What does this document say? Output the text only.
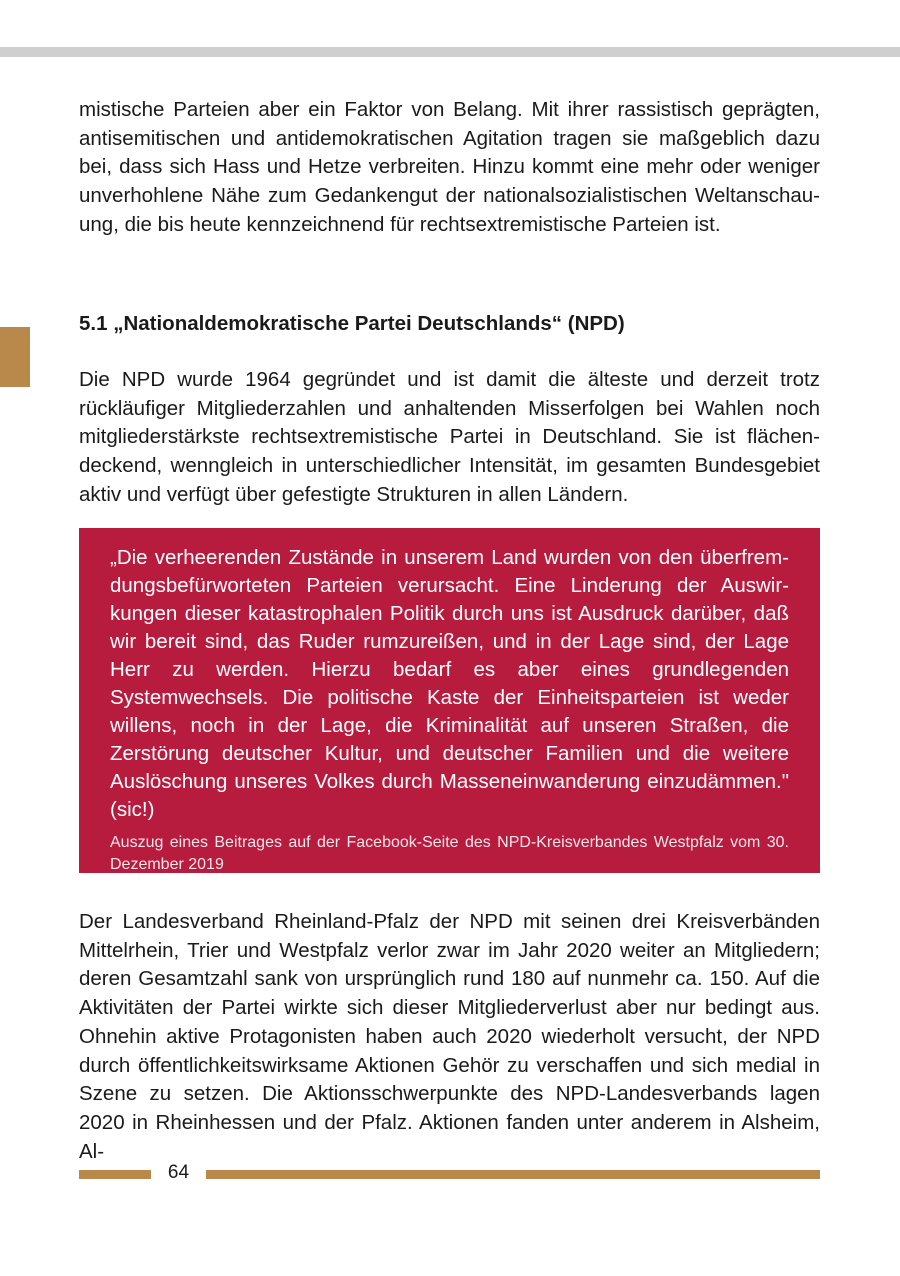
mistische Parteien aber ein Faktor von Belang. Mit ihrer rassistisch geprägten, antisemitischen und antidemokratischen Agitation tragen sie maßgeblich dazu bei, dass sich Hass und Hetze verbreiten. Hinzu kommt eine mehr oder weniger unverhohlene Nähe zum Gedankengut der nationalsozialistischen Weltanschauung, die bis heute kennzeichnend für rechtsextremistische Parteien ist.

5.1 „Nationaldemokratische Partei Deutschlands“ (NPD)

Die NPD wurde 1964 gegründet und ist damit die älteste und derzeit trotz rückläufiger Mitgliederzahlen und anhaltenden Misserfolgen bei Wahlen noch mitgliederstärkste rechtsextremistische Partei in Deutschland. Sie ist flächendeckend, wenngleich in unterschiedlicher Intensität, im gesamten Bundesgebiet aktiv und verfügt über gefestigte Strukturen in allen Ländern.

„Die verheerenden Zustände in unserem Land wurden von den überfremdungsbefürworteten Parteien verursacht. Eine Linderung der Auswirkungen dieser katastrophalen Politik durch uns ist Ausdruck darüber, daß wir bereit sind, das Ruder rumzureißen, und in der Lage sind, der Lage Herr zu werden. Hierzu bedarf es aber eines grundlegenden Systemwechsels. Die politische Kaste der Einheitsparteien ist weder willens, noch in der Lage, die Kriminalität auf unseren Straßen, die Zerstörung deutscher Kultur, und deutscher Familien und die weitere Auslöschung unseres Volkes durch Masseneinwanderung einzudämmen." (sic!)

Auszug eines Beitrages auf der Facebook-Seite des NPD-Kreisverbandes Westpfalz vom 30. Dezember 2019

Der Landesverband Rheinland-Pfalz der NPD mit seinen drei Kreisverbänden Mittelrhein, Trier und Westpfalz verlor zwar im Jahr 2020 weiter an Mitgliedern; deren Gesamtzahl sank von ursprünglich rund 180 auf nunmehr ca. 150. Auf die Aktivitäten der Partei wirkte sich dieser Mitgliederverlust aber nur bedingt aus. Ohnehin aktive Protagonisten haben auch 2020 wiederholt versucht, der NPD durch öffentlichkeitswirksame Aktionen Gehör zu verschaffen und sich medial in Szene zu setzen. Die Aktionsschwerpunkte des NPD-Landesverbands lagen 2020 in Rheinhessen und der Pfalz. Aktionen fanden unter anderem in Alsheim, Al-

64
